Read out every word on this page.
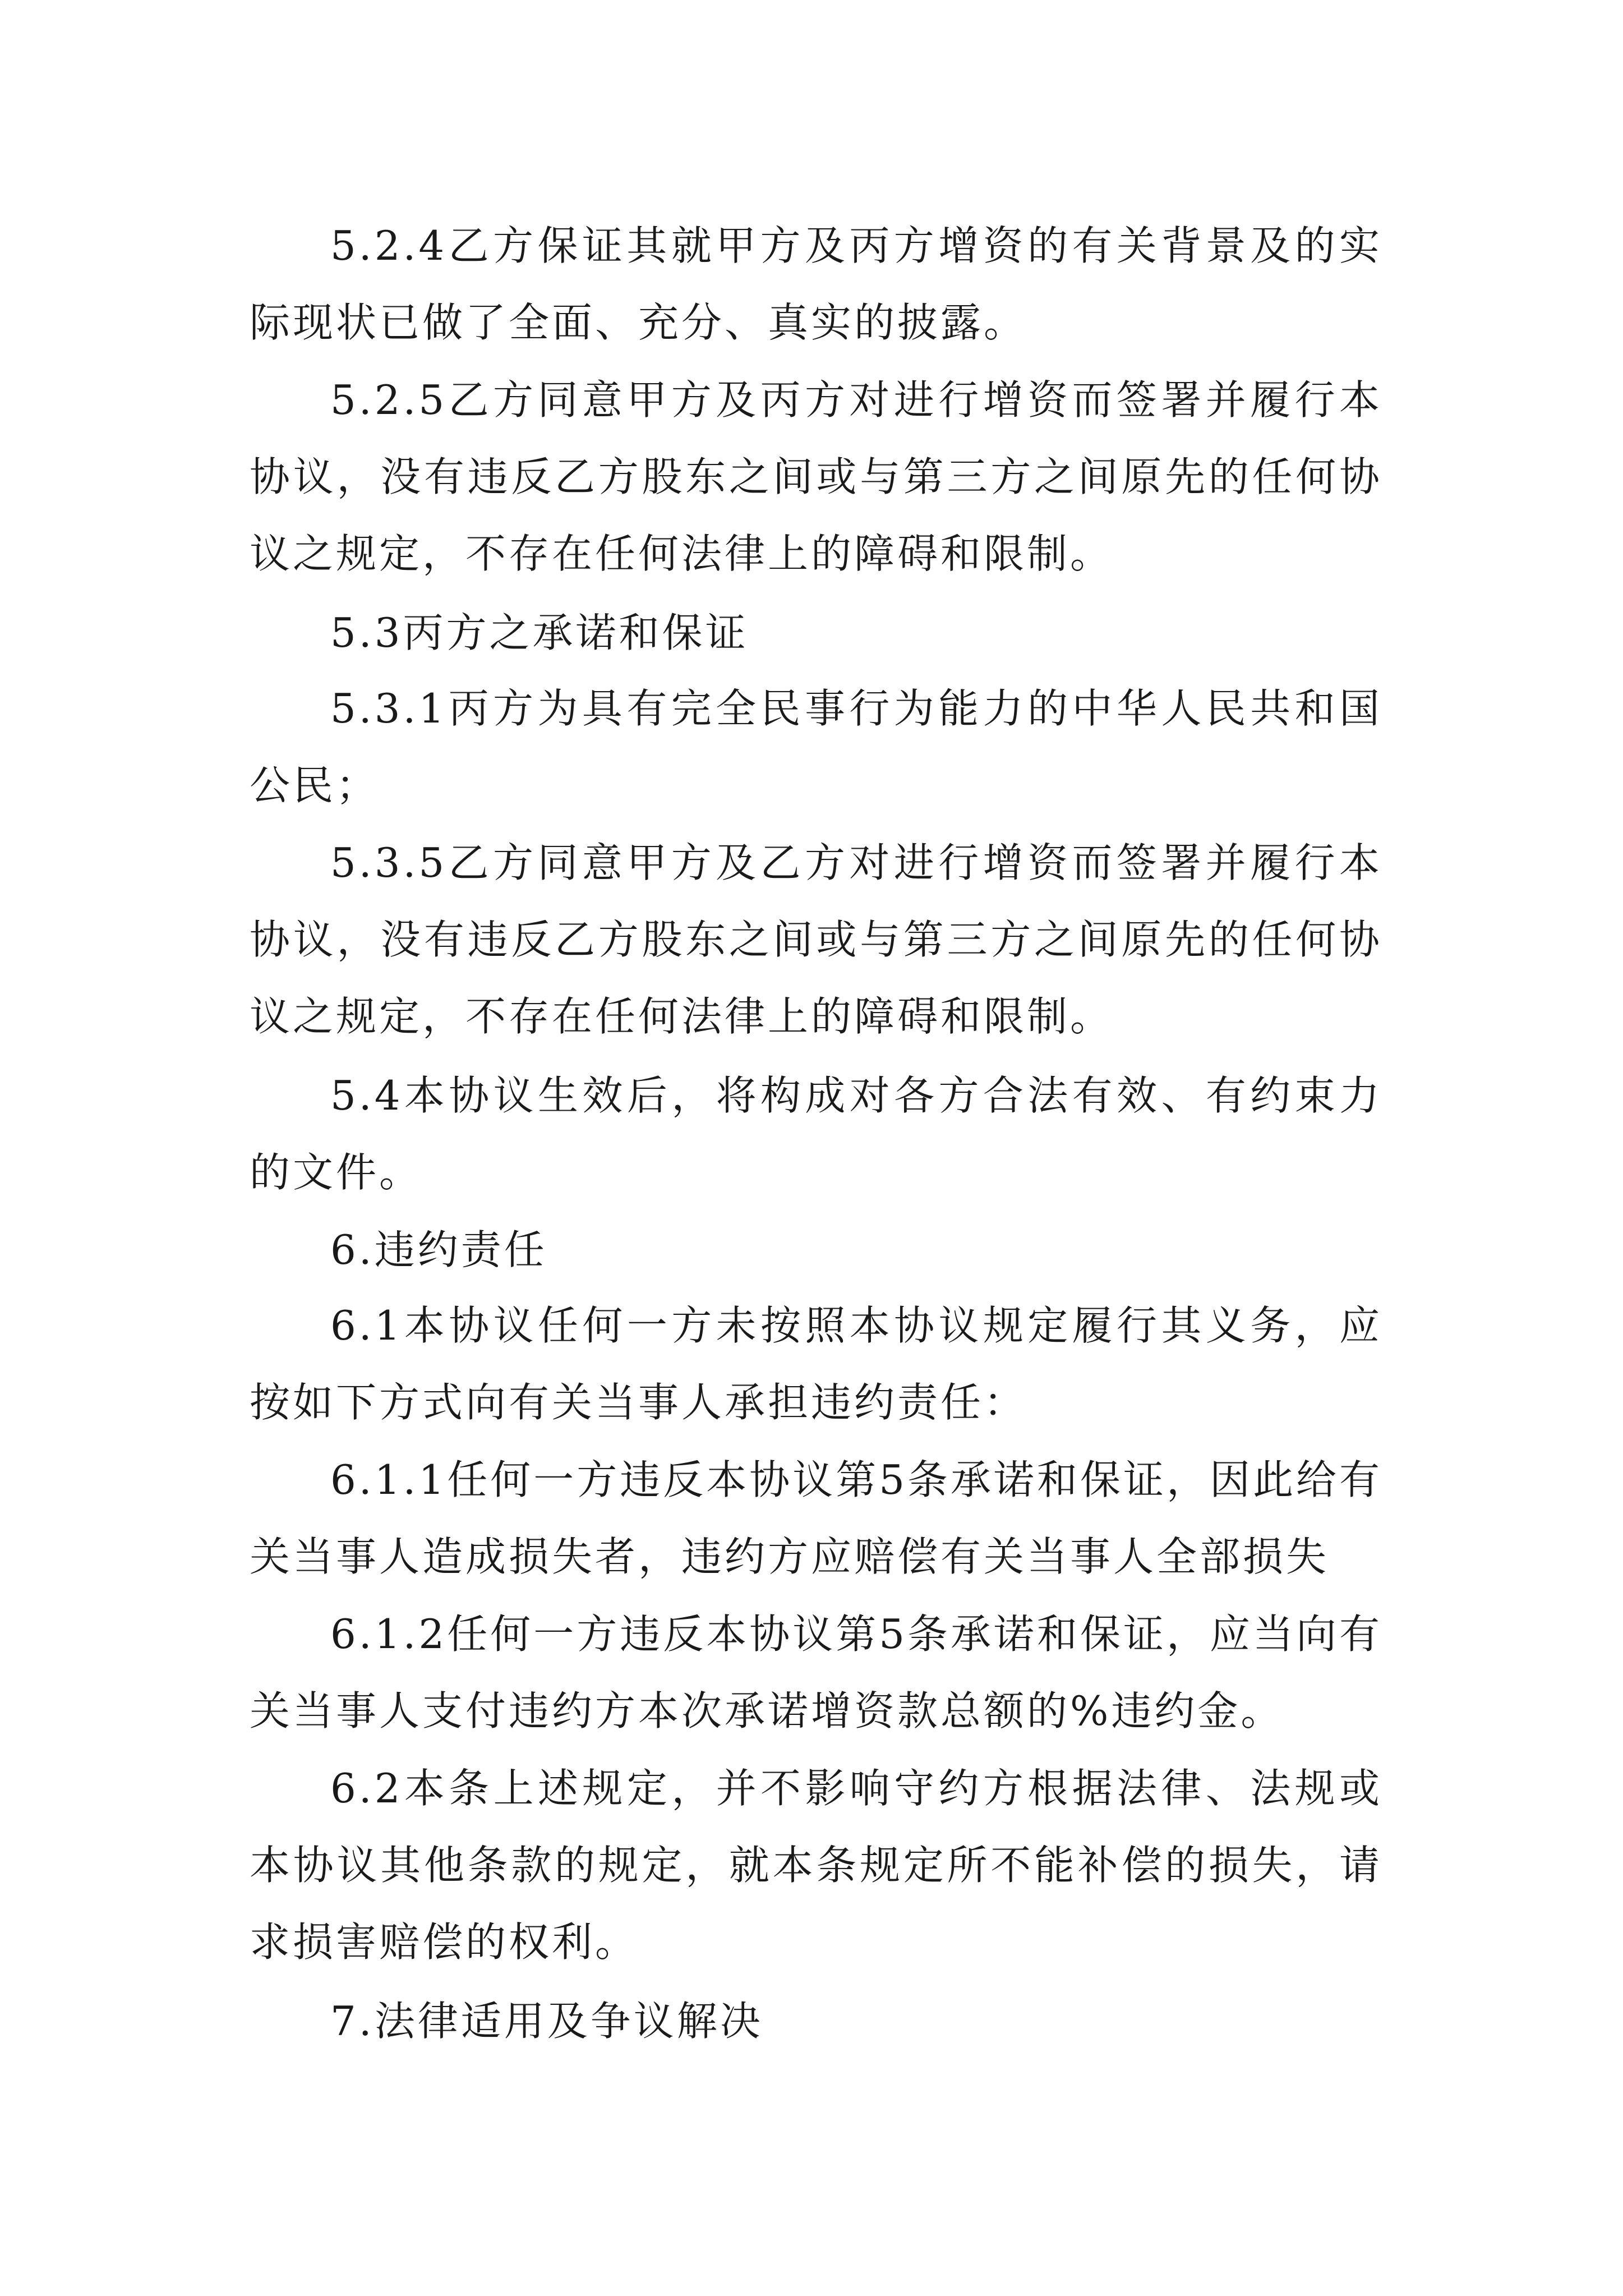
5.2.4乙方保证其就甲方及丙方增资的有关背景及的实际现状已做了全面、充分、真实的披露。

5.2.5乙方同意甲方及丙方对进行增资而签署并履行本协议，没有违反乙方股东之间或与第三方之间原先的任何协议之规定，不存在任何法律上的障碍和限制。

5.3丙方之承诺和保证

5.3.1丙方为具有完全民事行为能力的中华人民共和国公民；

5.3.5乙方同意甲方及乙方对进行增资而签署并履行本协议，没有违反乙方股东之间或与第三方之间原先的任何协议之规定，不存在任何法律上的障碍和限制。

5.4本协议生效后，将构成对各方合法有效、有约束力的文件。

6.违约责任

6.1本协议任何一方未按照本协议规定履行其义务，应按如下方式向有关当事人承担违约责任：

6.1.1任何一方违反本协议第5条承诺和保证，因此给有关当事人造成损失者，违约方应赔偿有关当事人全部损失

6.1.2任何一方违反本协议第5条承诺和保证，应当向有关当事人支付违约方本次承诺增资款总额的%违约金。

6.2本条上述规定，并不影响守约方根据法律、法规或本协议其他条款的规定，就本条规定所不能补偿的损失，请求损害赔偿的权利。

7.法律适用及争议解决
